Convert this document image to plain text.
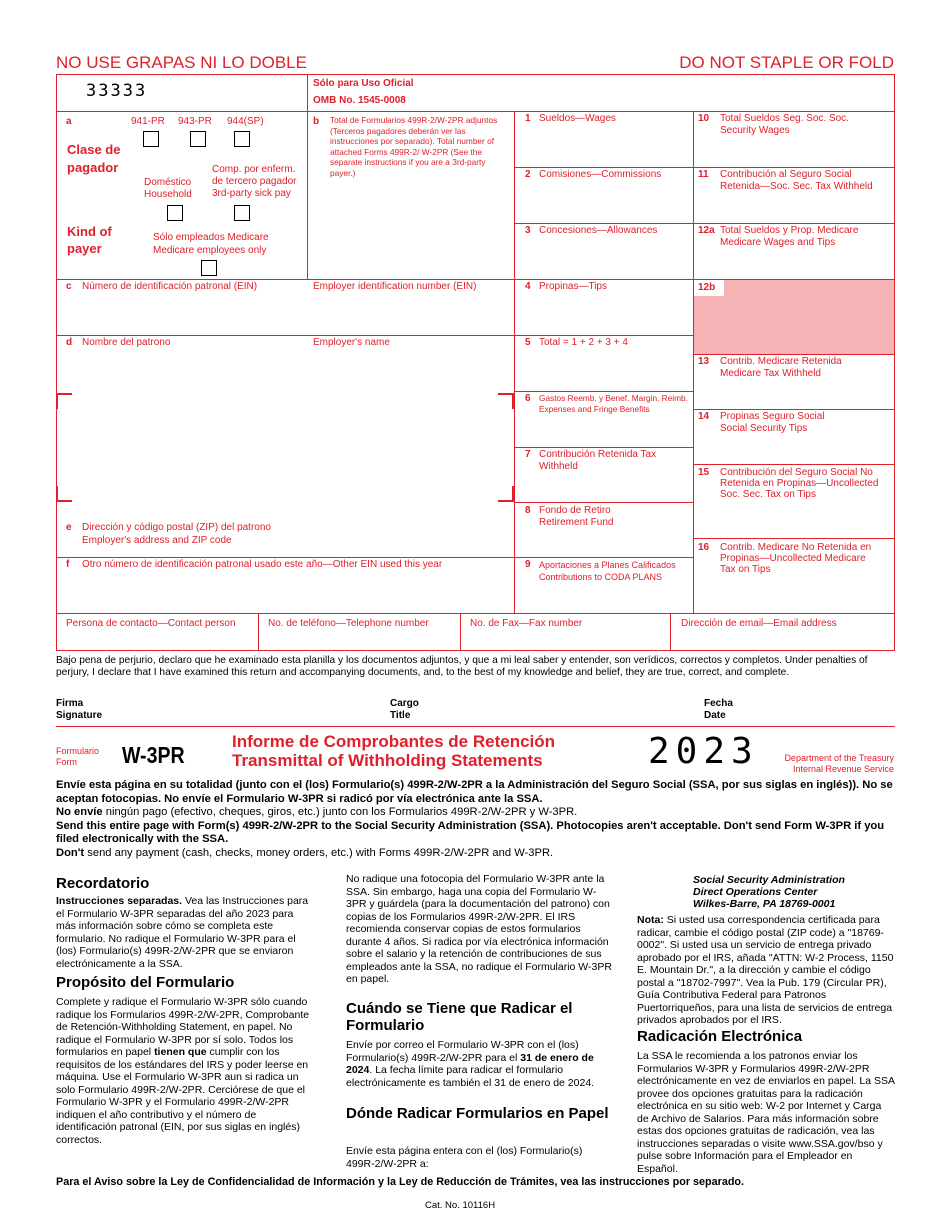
NO USE GRAPAS NI LO DOBLE	DO NOT STAPLE OR FOLD
33333	Sólo para Uso Oficial
OMB No. 1545-0008
12b
a
Clase de pagador
Kind of payer
941-PR 943-PR 944(SP)
Doméstico Household
Comp. por enferm. de tercero pagador 3rd-party sick pay
Sólo empleados Medicare
Medicare employees only
b Total de Formularios 499R-2/W-2PR adjuntos (Terceros pagadores deberán ver las instrucciones por separado). Total number of attached Forms 499R-2/ W-2PR (See the separate instructions if you are a 3rd-party payer.)
1 Sueldos—Wages
2 Comisiones—Commissions
3 Concesiones—Allowances
4 Propinas—Tips
5 Total = 1 + 2 + 3 + 4
6 Gastos Reemb. y Benef. Margin. Reimb. Expenses and Fringe Benefits
7 Contribución Retenida Tax Withheld
8 Fondo de Retiro Retirement Fund
9 Aportaciones a Planes Calificados Contributions to CODA PLANS
10 Total Sueldos Seg. Soc. Soc. Security Wages
11 Contribución al Seguro Social Retenida—Soc. Sec. Tax Withheld
12a Total Sueldos y Prop. Medicare Medicare Wages and Tips
13 Contrib. Medicare Retenida Medicare Tax Withheld
14 Propinas Seguro Social Social Security Tips
15 Contribución del Seguro Social No Retenida en Propinas—Uncollected Soc. Sec. Tax on Tips
16 Contrib. Medicare No Retenida en Propinas—Uncollected Medicare Tax on Tips
c Número de identificación patronal (EIN)	Employer identification number (EIN)
d Nombre del patrono	Employer's name
e Dirección y código postal (ZIP) del patrono
Employer's address and ZIP code
f Otro número de identificación patronal usado este año—Other EIN used this year
Persona de contacto—Contact person	No. de teléfono—Telephone number	No. de Fax—Fax number	Dirección de email—Email address
Bajo pena de perjurio, declaro que he examinado esta planilla y los documentos adjuntos, y que a mi leal saber y entender, son verídicos, correctos y completos. Under penalties of perjury, I declare that I have examined this return and accompanying documents, and, to the best of my knowledge and belief, they are true, correct, and complete.
Firma
Signature
Cargo
Title
Fecha
Date
Formulario
Form	W-3PR
Informe de Comprobantes de Retención
Transmittal of Withholding Statements	2023	Department of the Treasury
Internal Revenue Service
Envíe esta página en su totalidad (junto con el (los) Formulario(s) 499R-2/W-2PR a la Administración del Seguro Social (SSA, por sus siglas en inglés)). No se aceptan fotocopias. No envíe el Formulario W-3PR si radicó por vía electrónica ante la SSA.
No envíe ningún pago (efectivo, cheques, giros, etc.) junto con los Formularios 499R-2/W-2PR y W-3PR.
Send this entire page with Form(s) 499R-2/W-2PR to the Social Security Administration (SSA). Photocopies aren't acceptable. Don't send Form W-3PR if you filed electronically with the SSA.
Don't send any payment (cash, checks, money orders, etc.) with Forms 499R-2/W-2PR and W-3PR.
Recordatorio
Instrucciones separadas. Vea las Instrucciones para el Formulario W-3PR separadas del año 2023 para más información sobre cómo se completa este formulario. No radique el Formulario W-3PR para el (los) Formulario(s) 499R-2/W-2PR que se enviaron electrónicamente a la SSA.
Propósito del Formulario
Complete y radique el Formulario W-3PR sólo cuando radique los Formularios 499R-2/W-2PR, Comprobante de Retención-Withholding Statement, en papel. No radique el Formulario W-3PR por sí solo. Todos los formularios en papel tienen que cumplir con los requisitos de los estándares del IRS y poder leerse en máquina. Use el Formulario W-3PR aun si radica un solo Formulario 499R-2/W-2PR. Cerciórese de que el Formulario W-3PR y el Formulario 499R-2/W-2PR indiquen el año contributivo y el número de identificación patronal (EIN, por sus siglas en inglés) correctos.
No radique una fotocopia del Formulario W-3PR ante la SSA. Sin embargo, haga una copia del Formulario W-3PR y guárdela (para la documentación del patrono) con copias de los Formularios 499R-2/W-2PR. El IRS recomienda conservar copias de estos formularios durante 4 años. Si radica por vía electrónica información sobre el salario y la retención de contribuciones de sus empleados ante la SSA, no radique el Formulario W-3PR en papel.
Cuándo se Tiene que Radicar el Formulario
Envíe por correo el Formulario W-3PR con el (los) Formulario(s) 499R-2/W-2PR para el 31 de enero de 2024. La fecha límite para radicar el formulario electrónicamente es también el 31 de enero de 2024.
Dónde Radicar Formularios en Papel
Envíe esta página entera con el (los) Formulario(s) 499R-2/W-2PR a:
Social Security Administration
Direct Operations Center
Wilkes-Barre, PA 18769-0001
Nota: Si usted usa correspondencia certificada para radicar, cambie el código postal (ZIP code) a "18769-0002". Si usted usa un servicio de entrega privado aprobado por el IRS, añada "ATTN: W-2 Process, 1150 E. Mountain Dr.", a la dirección y cambie el código postal a "18702-7997". Vea la Pub. 179 (Circular PR), Guía Contributiva Federal para Patronos Puertorriqueños, para una lista de servicios de entrega privados aprobados por el IRS.
Radicación Electrónica
La SSA le recomienda a los patronos enviar los Formularios W-3PR y Formularios 499R-2/W-2PR electrónicamente en vez de enviarlos en papel. La SSA provee dos opciones gratuitas para la radicación electrónica en su sitio web: W-2 por Internet y Carga de Archivo de Salarios. Para más información sobre estas dos opciones gratuitas de radicación, vea las instrucciones separadas o visite www.SSA.gov/bso y pulse sobre Información para el Empleador en Español.
Para el Aviso sobre la Ley de Confidencialidad de Información y la Ley de Reducción de Trámites, vea las instrucciones por separado.
Cat. No. 10116H
